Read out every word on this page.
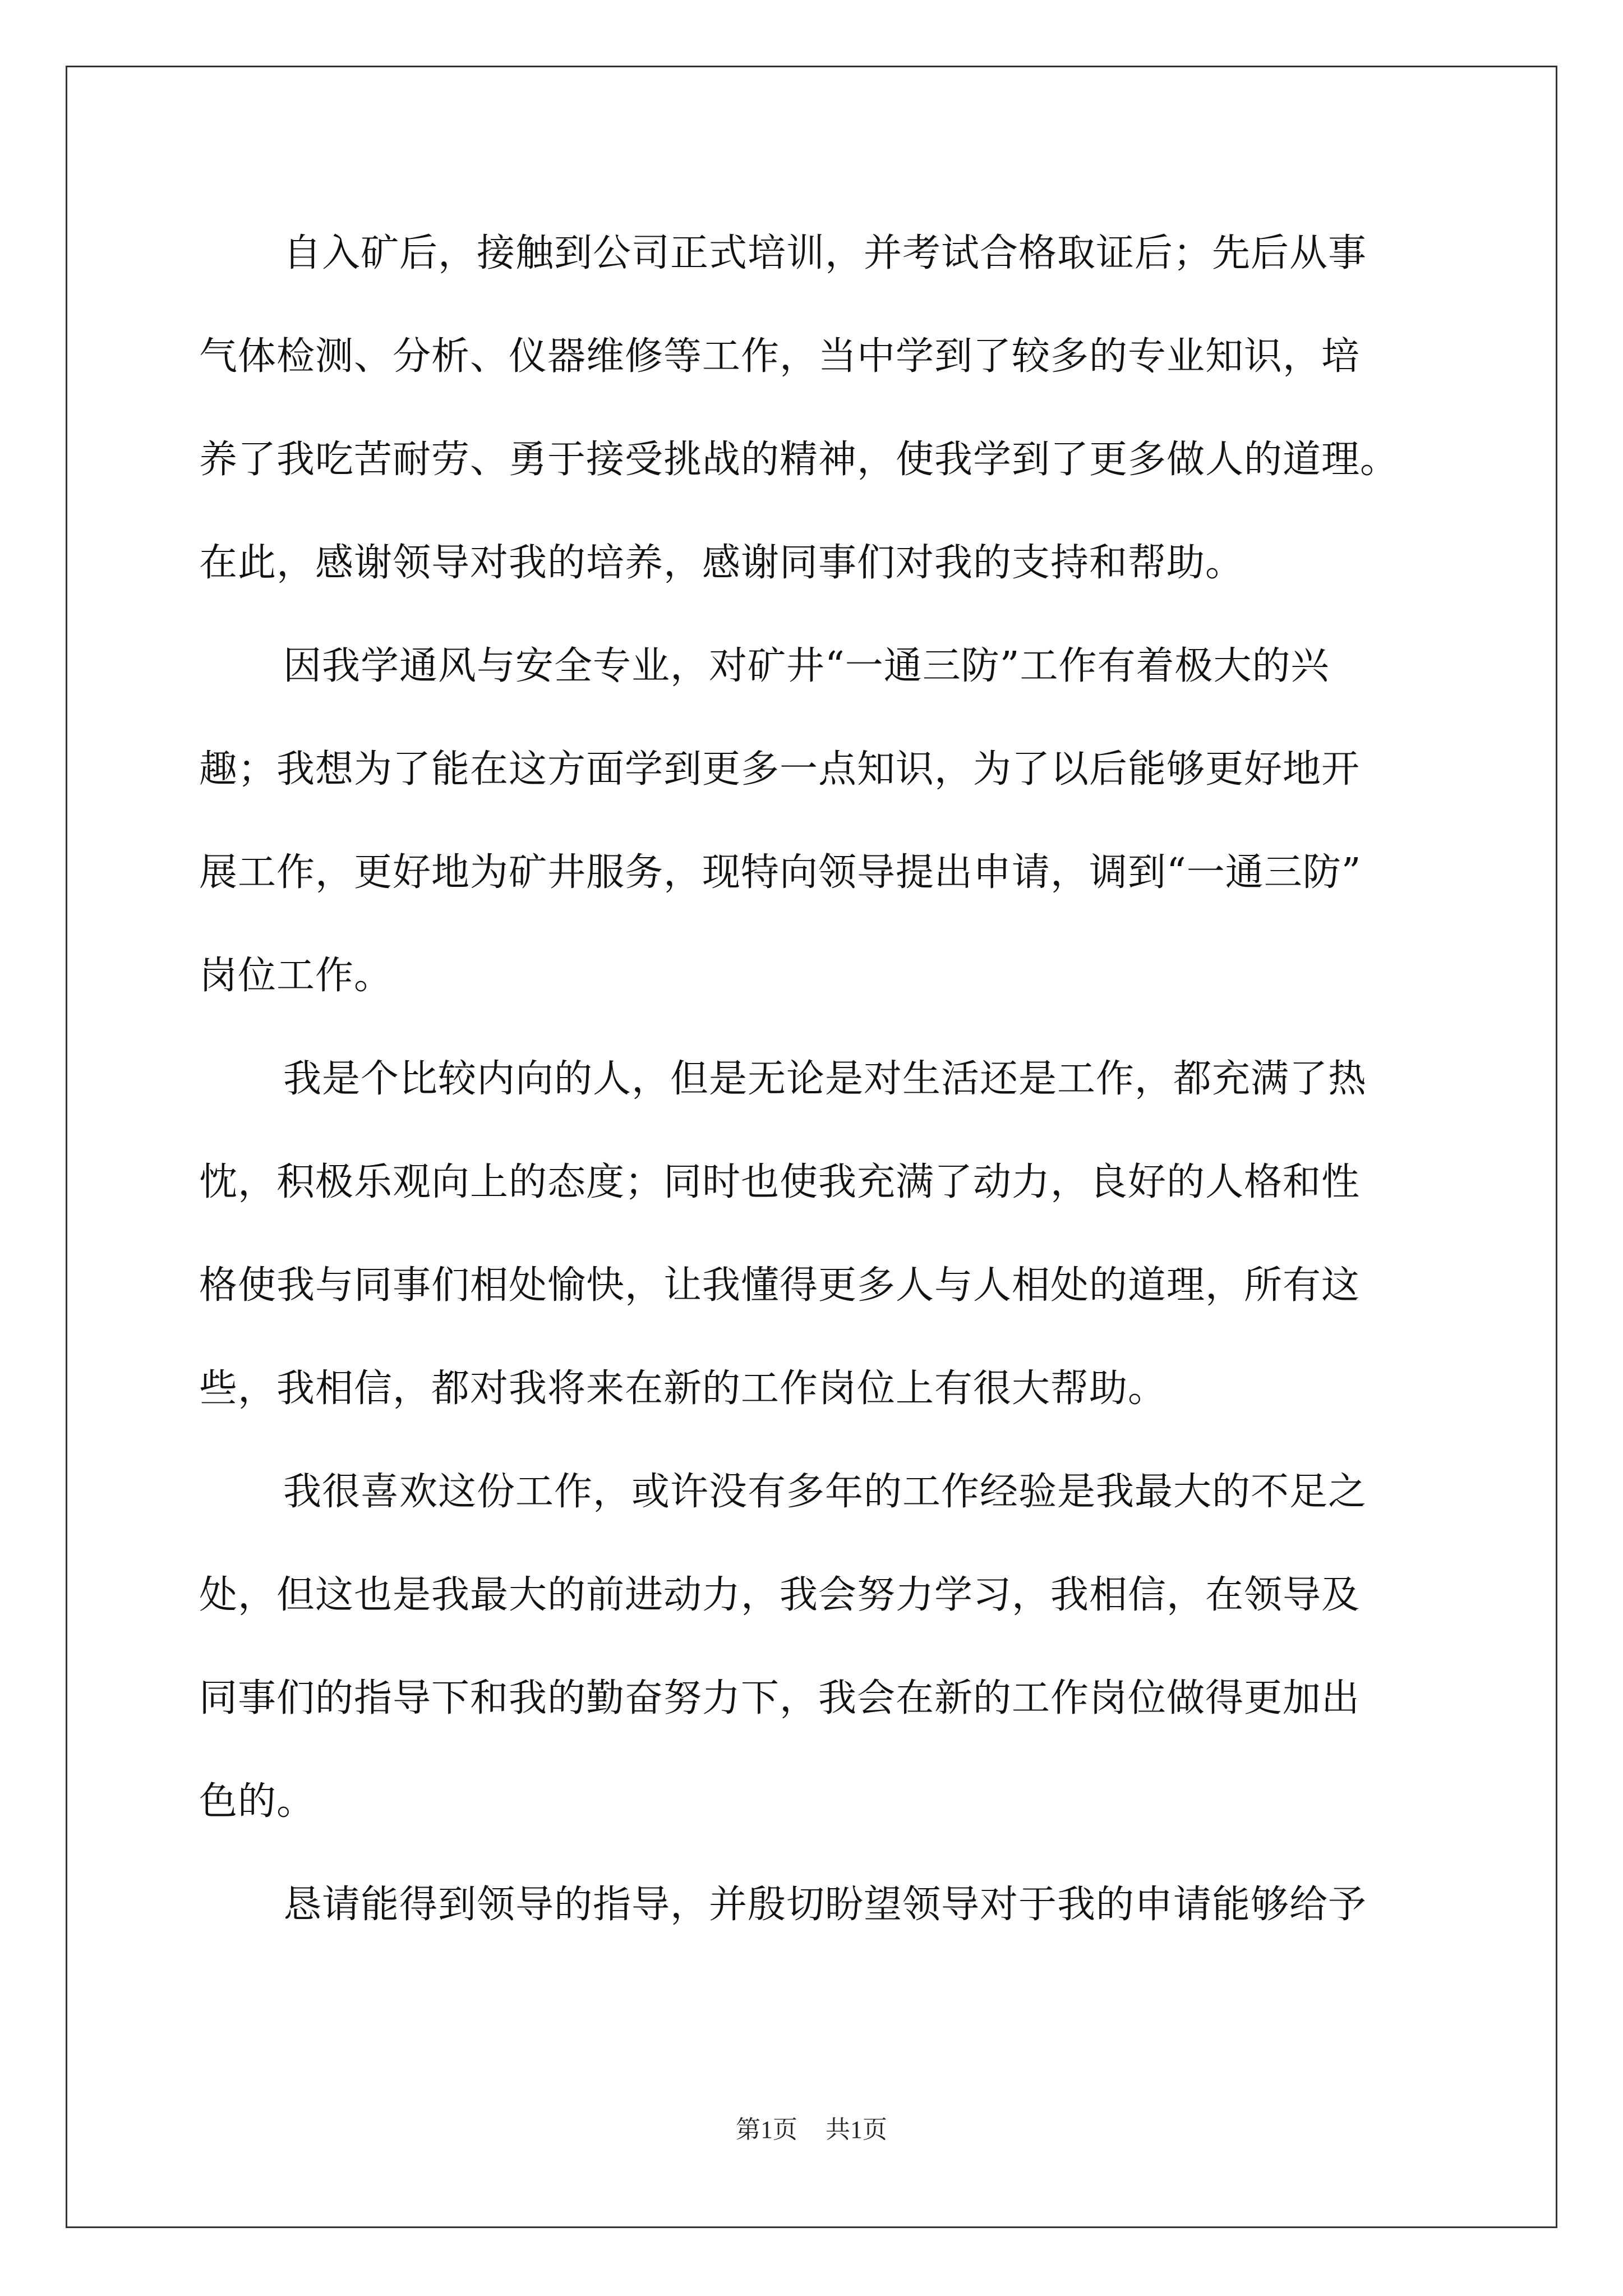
自入矿后，接触到公司正式培训，并考试合格取证后；先后从事
气体检测、分析、仪器维修等工作，当中学到了较多的专业知识，培
养了我吃苦耐劳、勇于接受挑战的精神，使我学到了更多做人的道理。
在此，感谢领导对我的培养，感谢同事们对我的支持和帮助。
因我学通风与安全专业，对矿井“一通三防”工作有着极大的兴
趣；我想为了能在这方面学到更多一点知识，为了以后能够更好地开
展工作，更好地为矿井服务，现特向领导提出申请，调到“一通三防”
岗位工作。
我是个比较内向的人，但是无论是对生活还是工作，都充满了热
忱，积极乐观向上的态度；同时也使我充满了动力，良好的人格和性
格使我与同事们相处愉快，让我懂得更多人与人相处的道理，所有这
些，我相信，都对我将来在新的工作岗位上有很大帮助。
我很喜欢这份工作，或许没有多年的工作经验是我最大的不足之
处，但这也是我最大的前进动力，我会努力学习，我相信，在领导及
同事们的指导下和我的勤奋努力下，我会在新的工作岗位做得更加出
色的。
恳请能得到领导的指导，并殷切盼望领导对于我的申请能够给予
第1页 共1页
